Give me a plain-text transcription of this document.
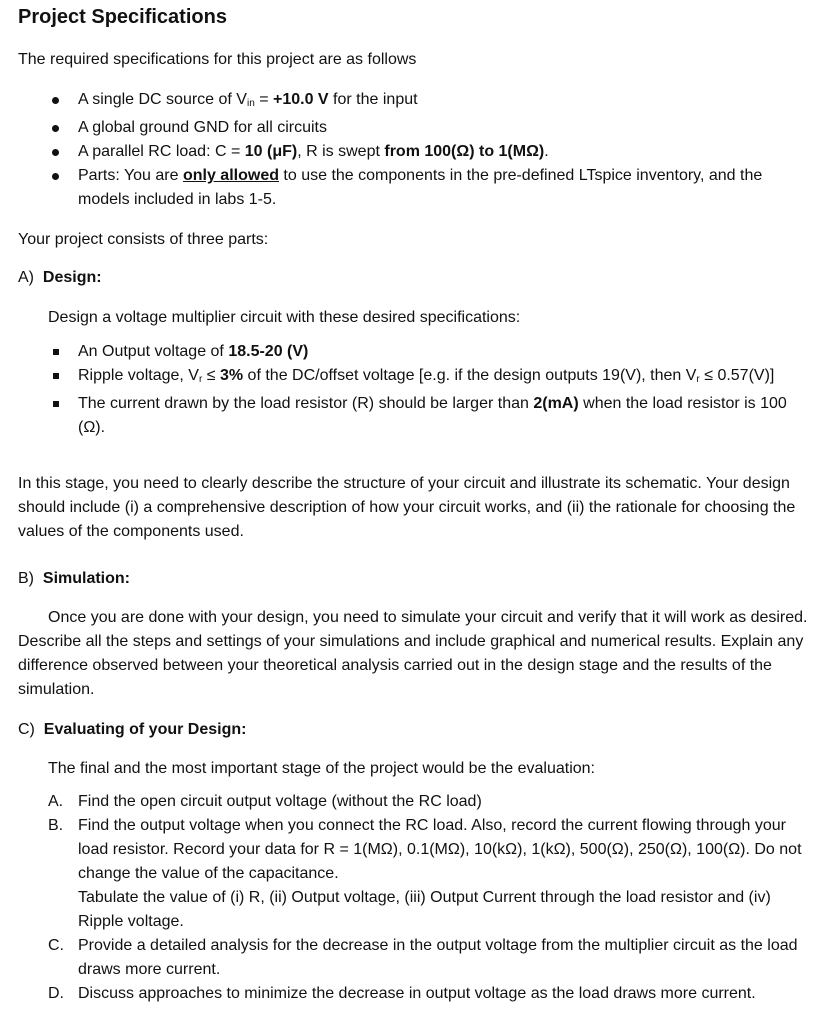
Project Specifications

The required specifications for this project are as follows

A single DC source of $V_{in} = +10.0$ V for the input
A global ground GND for all circuits
A parallel RC load: C = 10 (μF), R is swept from 100(Ω) to 1(MΩ).
Parts: You are only allowed to use the components in the pre-defined LTspice inventory, and the models included in labs 1-5.

Your project consists of three parts:

A) Design:

Design a voltage multiplier circuit with these desired specifications:

An Output voltage of 18.5-20 (V)
Ripple voltage, $V_r \le 3\%$ of the DC/offset voltage [e.g. if the design outputs 19(V), then $V_r \le 0.57(V)$]
The current drawn by the load resistor (R) should be larger than 2(mA) when the load resistor is 100 (Ω).

In this stage, you need to clearly describe the structure of your circuit and illustrate its schematic. Your design should include (i) a comprehensive description of how your circuit works, and (ii) the rationale for choosing the values of the components used.

B) Simulation:

Once you are done with your design, you need to simulate your circuit and verify that it will work as desired. Describe all the steps and settings of your simulations and include graphical and numerical results. Explain any difference observed between your theoretical analysis carried out in the design stage and the results of the simulation.

C) Evaluating of your Design:

The final and the most important stage of the project would be the evaluation:

A. Find the open circuit output voltage (without the RC load)
B. Find the output voltage when you connect the RC load. Also, record the current flowing through your load resistor. Record your data for R = 1(MΩ), 0.1(MΩ), 10(kΩ), 1(kΩ), 500(Ω), 250(Ω), 100(Ω). Do not change the value of the capacitance.
Tabulate the value of (i) R, (ii) Output voltage, (iii) Output Current through the load resistor and (iv) Ripple voltage.
C. Provide a detailed analysis for the decrease in the output voltage from the multiplier circuit as the load draws more current.
D. Discuss approaches to minimize the decrease in output voltage as the load draws more current.
